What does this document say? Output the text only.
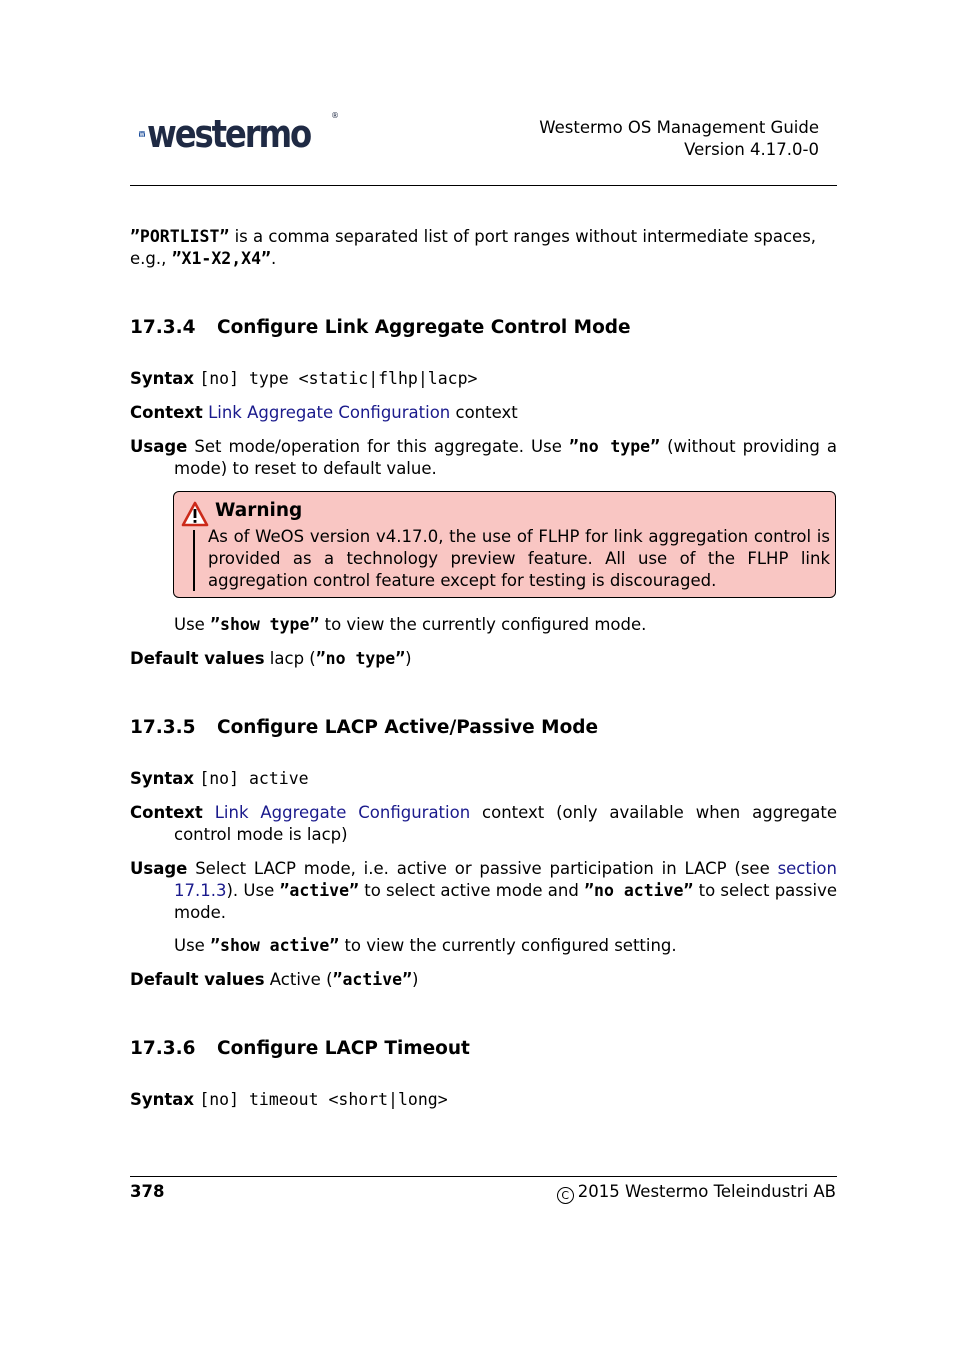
westermo	®
Westermo OS Management Guide
Version 4.17.0-0
”PORTLIST” is a comma separated list of port ranges without intermediate spaces, e.g., ”X1-X2,X4”.
17.3.4 Configure Link Aggregate Control Mode
Syntax [no] type <static|flhp|lacp>
Context Link Aggregate Configuration context
Usage Set mode/operation for this aggregate. Use ”no type” (without providing a mode) to reset to default value.
Warning
As of WeOS version v4.17.0, the use of FLHP for link aggregation control is provided as a technology preview feature. All use of the FLHP link aggregation control feature except for testing is discouraged.
Use ”show type” to view the currently configured mode.
Default values lacp (”no type”)
17.3.5 Configure LACP Active/Passive Mode
Syntax [no] active
Context Link Aggregate Configuration context (only available when aggregate control mode is lacp)
Usage Select LACP mode, i.e. active or passive participation in LACP (see section 17.1.3). Use ”active” to select active mode and ”no active” to select passive mode.
Use ”show active” to view the currently configured setting.
Default values Active (”active”)
17.3.6 Configure LACP Timeout
Syntax [no] timeout <short|long>
378	C 2015 Westermo Teleindustri AB
